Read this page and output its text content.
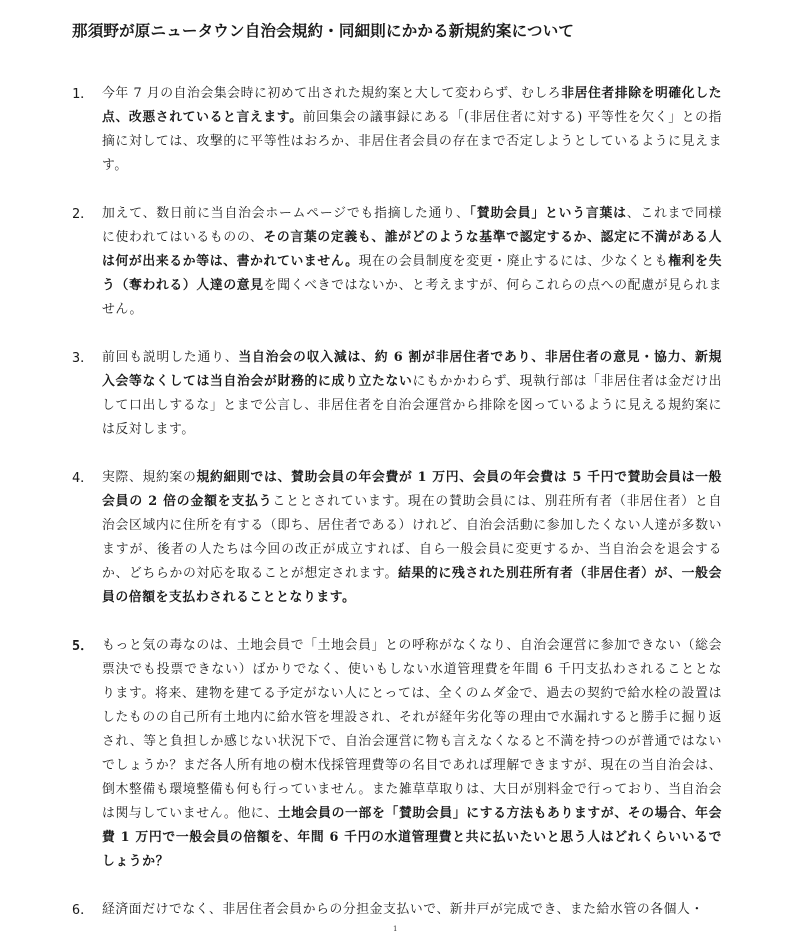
那須野が原ニュータウン自治会規約・同細則にかかる新規約案について
1． 今年 7 月の自治会集会時に初めて出された規約案と大して変わらず、むしろ非居住者排除を明確化した点、改悪されていると言えます。前回集会の議事録にある「(非居住者に対する) 平等性を欠く」との指摘に対しては、攻撃的に平等性はおろか、非居住者会員の存在まで否定しようとしているように見えます。
2． 加えて、数日前に当自治会ホームページでも指摘した通り、「賛助会員」という言葉は、これまで同様に使われてはいるものの、その言葉の定義も、誰がどのような基準で認定するか、認定に不満がある人は何が出来るか等は、書かれていません。現在の会員制度を変更・廃止するには、少なくとも権利を失う（奪われる）人達の意見を聞くべきではないか、と考えますが、何らこれらの点への配慮が見られません。
3． 前回も説明した通り、当自治会の収入減は、約 6 割が非居住者であり、非居住者の意見・協力、新規入会等なくしては当自治会が財務的に成り立たないにもかかわらず、現執行部は「非居住者は金だけ出して口出しするな」とまで公言し、非居住者を自治会運営から排除を図っているように見える規約案には反対します。
4． 実際、規約案の規約細則では、賛助会員の年会費が 1 万円、会員の年会費は 5 千円で賛助会員は一般会員の 2 倍の金額を支払うこととされています。現在の賛助会員には、別荘所有者（非居住者）と自治会区域内に住所を有する（即ち、居住者である）けれど、自治会活動に参加したくない人達が多数いますが、後者の人たちは今回の改正が成立すれば、自ら一般会員に変更するか、当自治会を退会するか、どちらかの対応を取ることが想定されます。結果的に残された別荘所有者（非居住者）が、一般会員の倍額を支払わされることとなります。
5． もっと気の毒なのは、土地会員で「土地会員」との呼称がなくなり、自治会運営に参加できない（総会票決でも投票できない）ばかりでなく、使いもしない水道管理費を年間 6 千円支払わされることとなります。将来、建物を建てる予定がない人にとっては、全くのムダ金で、過去の契約で給水栓の設置はしたものの自己所有土地内に給水管を埋設され、それが経年劣化等の理由で水漏れすると勝手に掘り返され、等と負担しか感じない状況下で、自治会運営に物も言えなくなると不満を持つのが普通ではないでしょうか？まだ各人所有地の樹木伐採管理費等の名目であれば理解できますが、現在の当自治会は、倒木整備も環境整備も何も行っていません。また雑草草取りは、大日が別料金で行っており、当自治会は関与していません。他に、土地会員の一部を「賛助会員」にする方法もありますが、その場合、年会費 1 万円で一般会員の倍額を、年間 6 千円の水道管理費と共に払いたいと思う人はどれくらいいるでしょうか？
6． 経済面だけでなく、非居住者会員からの分担金支払いで、新井戸が完成でき、また給水管の各個人・
1
